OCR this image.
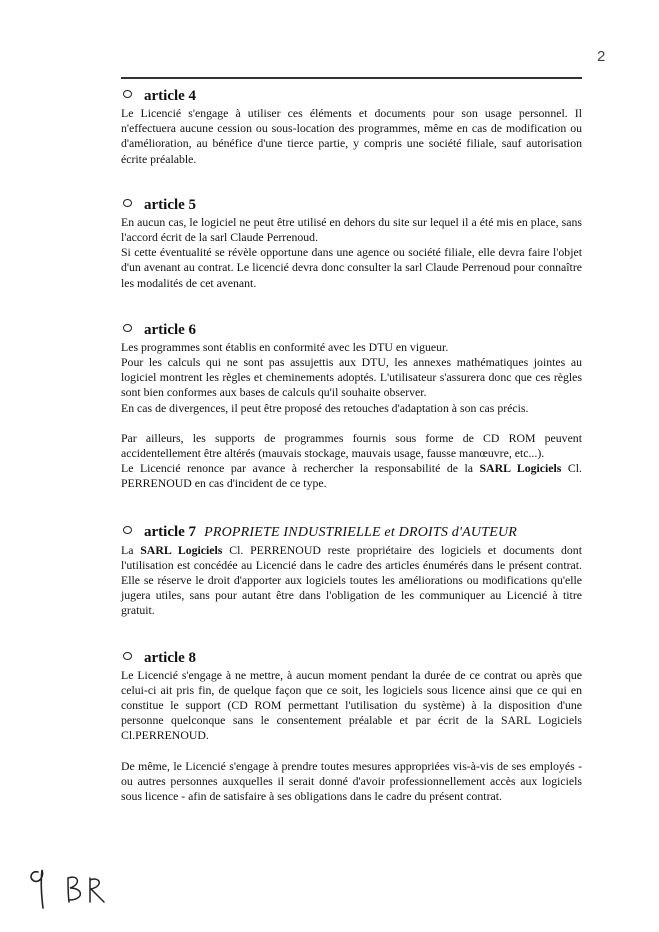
2
article 4

Le Licencié s'engage à utiliser ces éléments et documents pour son usage personnel. Il n'effectuera aucune cession ou sous-location des programmes, même en cas de modification ou d'amélioration, au bénéfice d'une tierce partie, y compris une société filiale, sauf autorisation écrite préalable.

article 5

En aucun cas, le logiciel ne peut être utilisé en dehors du site sur lequel il a été mis en place, sans l'accord écrit de la sarl Claude Perrenoud.

Si cette éventualité se révèle opportune dans une agence ou société filiale, elle devra faire l'objet d'un avenant au contrat. Le licencié devra donc consulter la sarl Claude Perrenoud pour connaître les modalités de cet avenant.

article 6

Les programmes sont établis en conformité avec les DTU en vigueur.

Pour les calculs qui ne sont pas assujettis aux DTU, les annexes mathématiques jointes au logiciel montrent les règles et cheminements adoptés. L'utilisateur s'assurera donc que ces règles sont bien conformes aux bases de calculs qu'il souhaite observer.

En cas de divergences, il peut être proposé des retouches d'adaptation à son cas précis.

Par ailleurs, les supports de programmes fournis sous forme de CD ROM peuvent accidentellement être altérés (mauvais stockage, mauvais usage, fausse manœuvre, etc...).

Le Licencié renonce par avance à rechercher la responsabilité de la SARL Logiciels Cl. PERRENOUD en cas d'incident de ce type.

article 7 PROPRIETE INDUSTRIELLE et DROITS d'AUTEUR

La SARL Logiciels Cl. PERRENOUD reste propriétaire des logiciels et documents dont l'utilisation est concédée au Licencié dans le cadre des articles énumérés dans le présent contrat. Elle se réserve le droit d'apporter aux logiciels toutes les améliorations ou modifications qu'elle jugera utiles, sans pour autant être dans l'obligation de les communiquer au Licencié à titre gratuit.

article 8

Le Licencié s'engage à ne mettre, à aucun moment pendant la durée de ce contrat ou après que celui-ci ait pris fin, de quelque façon que ce soit, les logiciels sous licence ainsi que ce qui en constitue le support (CD ROM permettant l'utilisation du système) à la disposition d'une personne quelconque sans le consentement préalable et par écrit de la SARL Logiciels Cl.PERRENOUD.

De même, le Licencié s'engage à prendre toutes mesures appropriées vis-à-vis de ses employés - ou autres personnes auxquelles il serait donné d'avoir professionnellement accès aux logiciels sous licence - afin de satisfaire à ses obligations dans le cadre du présent contrat.
